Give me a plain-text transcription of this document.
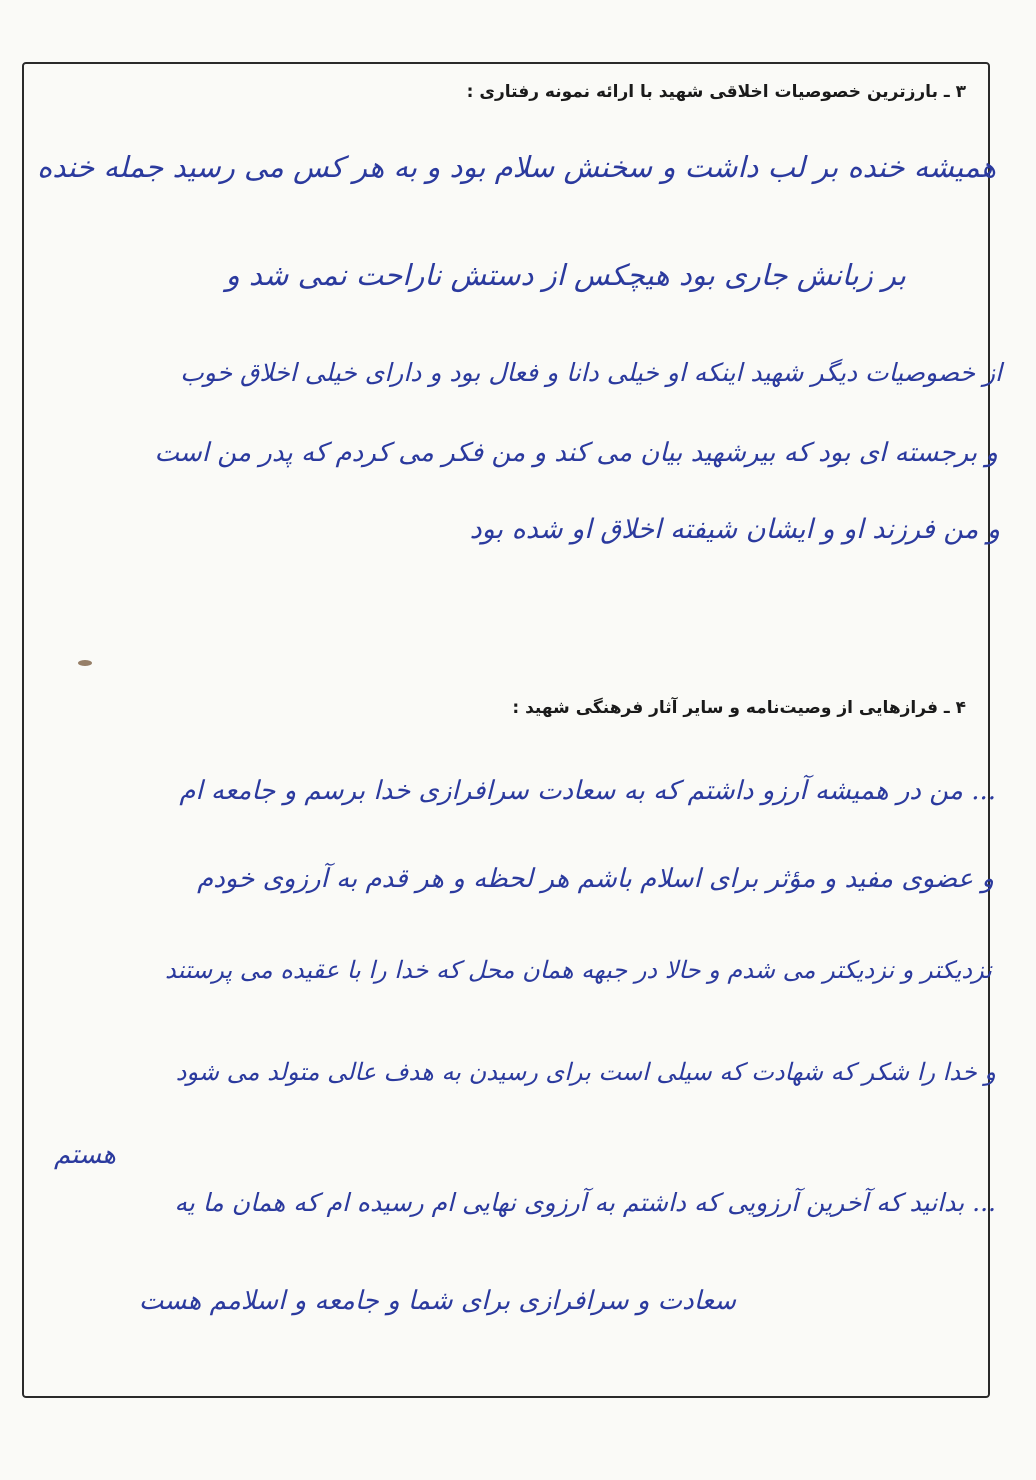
۳ ـ بارزترین خصوصیات اخلاقی شهید با ارائه نمونه رفتاری :
همیشه خنده بر لب داشت و سخنش سلام بود و به هر کس می رسید جمله خنده
بر زبانش جاری بود هیچکس از دستش ناراحت نمی شد و
از خصوصیات دیگر شهید اینکه او خیلی دانا و فعال بود و دارای خیلی اخلاق خوب
و برجسته ای بود که بیرشهید بیان می کند و من فکر می کردم که پدر من است
و من فرزند او و ایشان شیفته اخلاق او شده بود
۴ ـ فرازهایی از وصیت‌نامه و سایر آثار فرهنگی شهید :
... من در همیشه آرزو داشتم که به سعادت سرافرازی خدا برسم و جامعه ام
و عضوی مفید و مؤثر برای اسلام باشم هر لحظه و هر قدم به آرزوی خودم
نزدیکتر و نزدیکتر می شدم و حالا در جبهه همان محل که خدا را با عقیده می پرستند
و خدا را شکر که شهادت که سیلی است برای رسیدن به هدف عالی متولد می شود
هستم
... بدانید که آخرین آرزویی که داشتم به آرزوی نهایی ام رسیده ام که همان ما یه
سعادت و سرافرازی برای شما و جامعه و اسلامم هست
